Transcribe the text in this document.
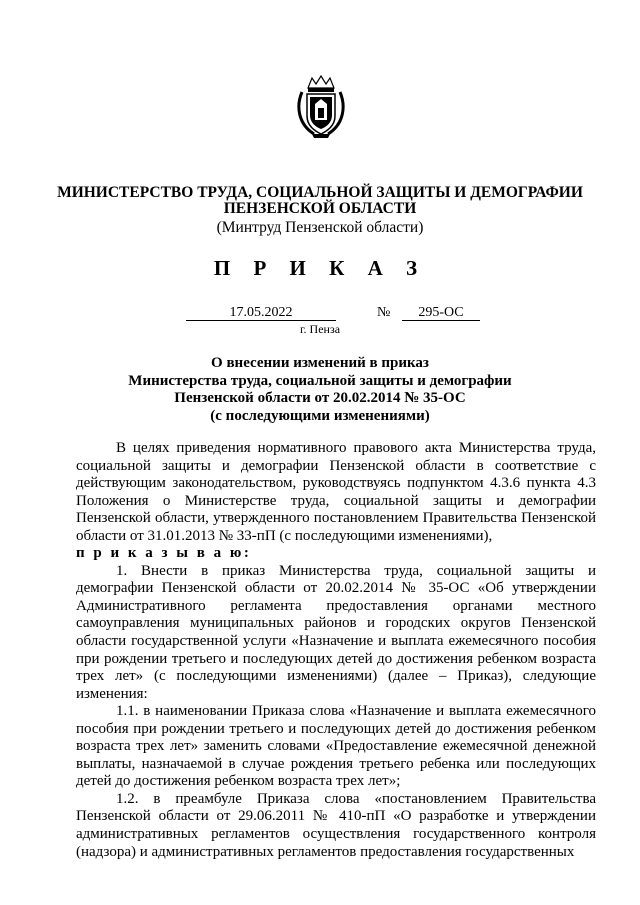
МИНИСТЕРСТВО ТРУДА, СОЦИАЛЬНОЙ ЗАЩИТЫ И ДЕМОГРАФИИ
ПЕНЗЕНСКОЙ ОБЛАСТИ
(Минтруд Пензенской области)
П Р И К А З
17.05.2022	№	295-ОС
г. Пенза
О внесении изменений в приказ
Министерства труда, социальной защиты и демографии
Пензенской области от 20.02.2014 № 35-ОС
(с последующими изменениями)

В целях приведения нормативного правового акта Министерства труда, социальной защиты и демографии Пензенской области в соответствие с действующим законодательством, руководствуясь подпунктом 4.3.6 пункта 4.3 Положения о Министерстве труда, социальной защиты и демографии Пензенской области, утвержденного постановлением Правительства Пензенской области от 31.01.2013 № 33-пП (с последующими изменениями),

п р и к а з ы в а ю:

1. Внести в приказ Министерства труда, социальной защиты и демографии Пензенской области от 20.02.2014 № 35-ОС «Об утверждении Административного регламента предоставления органами местного самоуправления муниципальных районов и городских округов Пензенской области государственной услуги «Назначение и выплата ежемесячного пособия при рождении третьего и последующих детей до достижения ребенком возраста трех лет» (с последующими изменениями) (далее – Приказ), следующие изменения:

1.1. в наименовании Приказа слова «Назначение и выплата ежемесячного пособия при рождении третьего и последующих детей до достижения ребенком возраста трех лет» заменить словами «Предоставление ежемесячной денежной выплаты, назначаемой в случае рождения третьего ребенка или последующих детей до достижения ребенком возраста трех лет»;

1.2. в преамбуле Приказа слова «постановлением Правительства Пензенской области от 29.06.2011 № 410-пП «О разработке и утверждении административных регламентов осуществления государственного контроля (надзора) и административных регламентов предоставления государственных
